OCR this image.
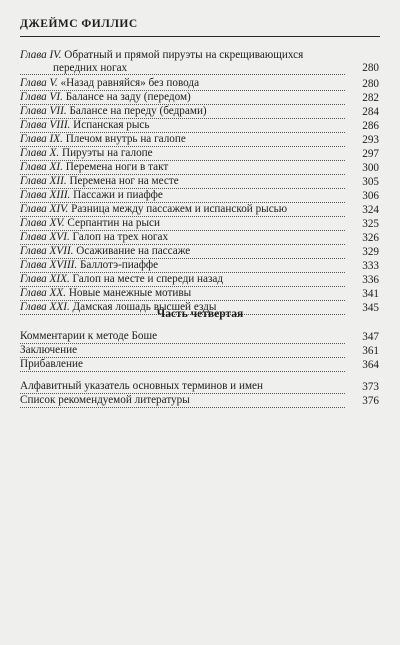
ДЖЕЙМС ФИЛЛИС
Глава IV. Обратный и прямой пируэты на скрещивающихся
передних ногах	280
Глава V. «Назад равняйся» без повода	280
Глава VI. Балансе на заду (передом)	282
Глава VII. Балансе на переду (бедрами)	284
Глава VIII. Испанская рысь	286
Глава IX. Плечом внутрь на галопе	293
Глава X. Пируэты на галопе	297
Глава XI. Перемена ноги в такт	300
Глава XII. Перемена ног на месте	305
Глава XIII. Пассажи и пиаффе	306
Глава XIV. Разница между пассажем и испанской рысью	324
Глава XV. Серпантин на рыси	325
Глава XVI. Галоп на трех ногах	326
Глава XVII. Осаживание на пассаже	329
Глава XVIII. Баллотэ-пиаффе	333
Глава XIX. Галоп на месте и спереди назад	336
Глава XX. Новые манежные мотивы	341
Глава XXI. Дамская лошадь высшей езды	345
Часть четвертая
Комментарии к методе Боше	347
Заключение	361
Прибавление	364
Алфавитный указатель основных терминов и имен	373
Список рекомендуемой литературы	376
